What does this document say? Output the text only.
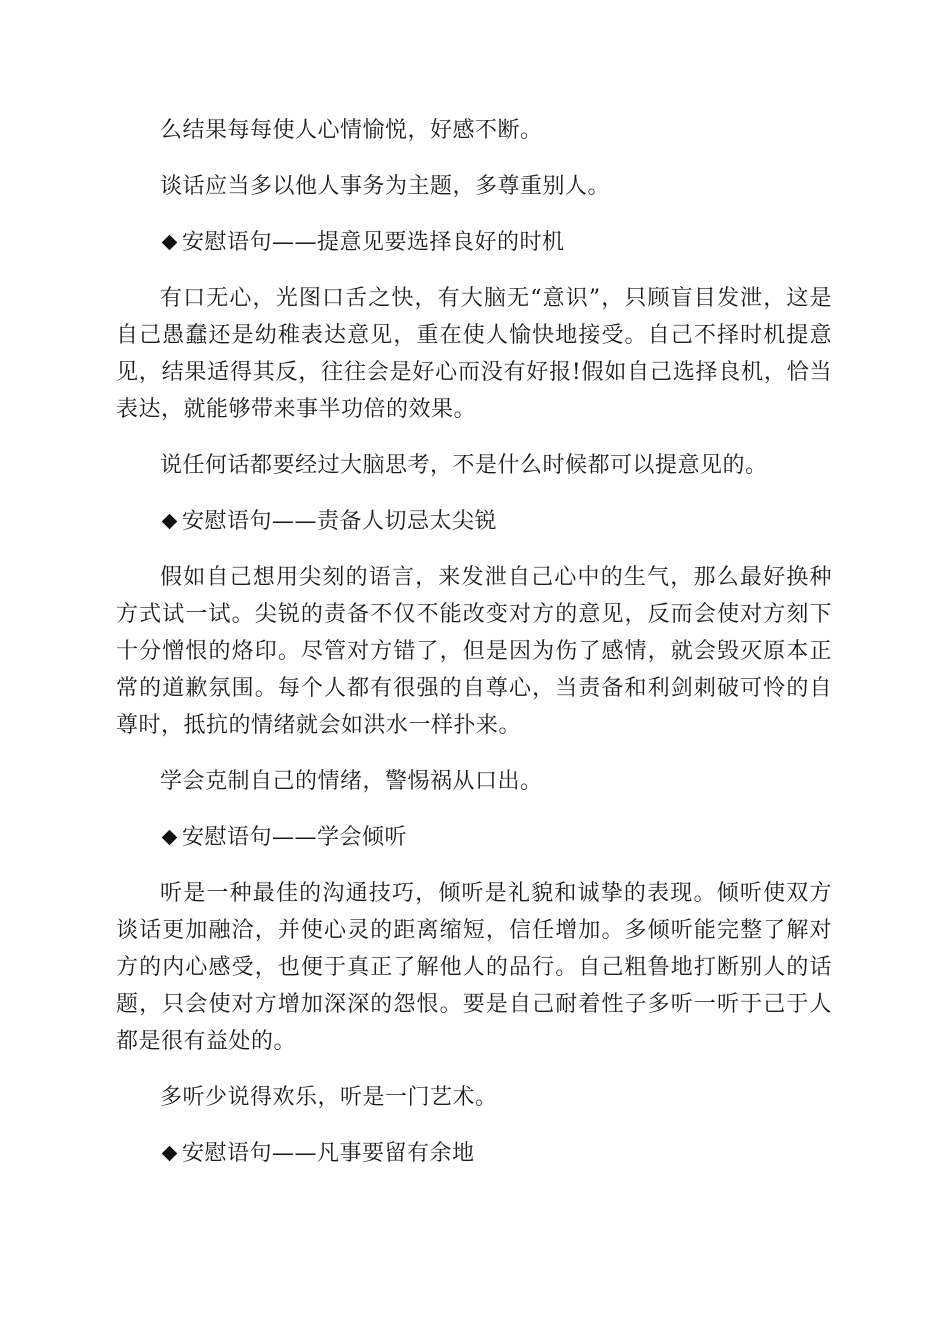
么结果每每使人心情愉悦，好感不断。

谈话应当多以他人事务为主题，多尊重别人。

安慰语句——提意见要选择良好的时机

有口无心，光图口舌之快，有大脑无“意识”，只顾盲目发泄，这是自己愚蠢还是幼稚表达意见，重在使人愉快地接受。自己不择时机提意见，结果适得其反，往往会是好心而没有好报!假如自己选择良机，恰当表达，就能够带来事半功倍的效果。

说任何话都要经过大脑思考，不是什么时候都可以提意见的。

安慰语句——责备人切忌太尖锐

假如自己想用尖刻的语言，来发泄自己心中的生气，那么最好换种方式试一试。尖锐的责备不仅不能改变对方的意见，反而会使对方刻下十分憎恨的烙印。尽管对方错了，但是因为伤了感情，就会毁灭原本正常的道歉氛围。每个人都有很强的自尊心，当责备和利剑刺破可怜的自尊时，抵抗的情绪就会如洪水一样扑来。

学会克制自己的情绪，警惕祸从口出。

安慰语句——学会倾听

听是一种最佳的沟通技巧，倾听是礼貌和诚挚的表现。倾听使双方谈话更加融洽，并使心灵的距离缩短，信任增加。多倾听能完整了解对方的内心感受，也便于真正了解他人的品行。自己粗鲁地打断别人的话题，只会使对方增加深深的怨恨。要是自己耐着性子多听一听于己于人都是很有益处的。

多听少说得欢乐，听是一门艺术。

安慰语句——凡事要留有余地
